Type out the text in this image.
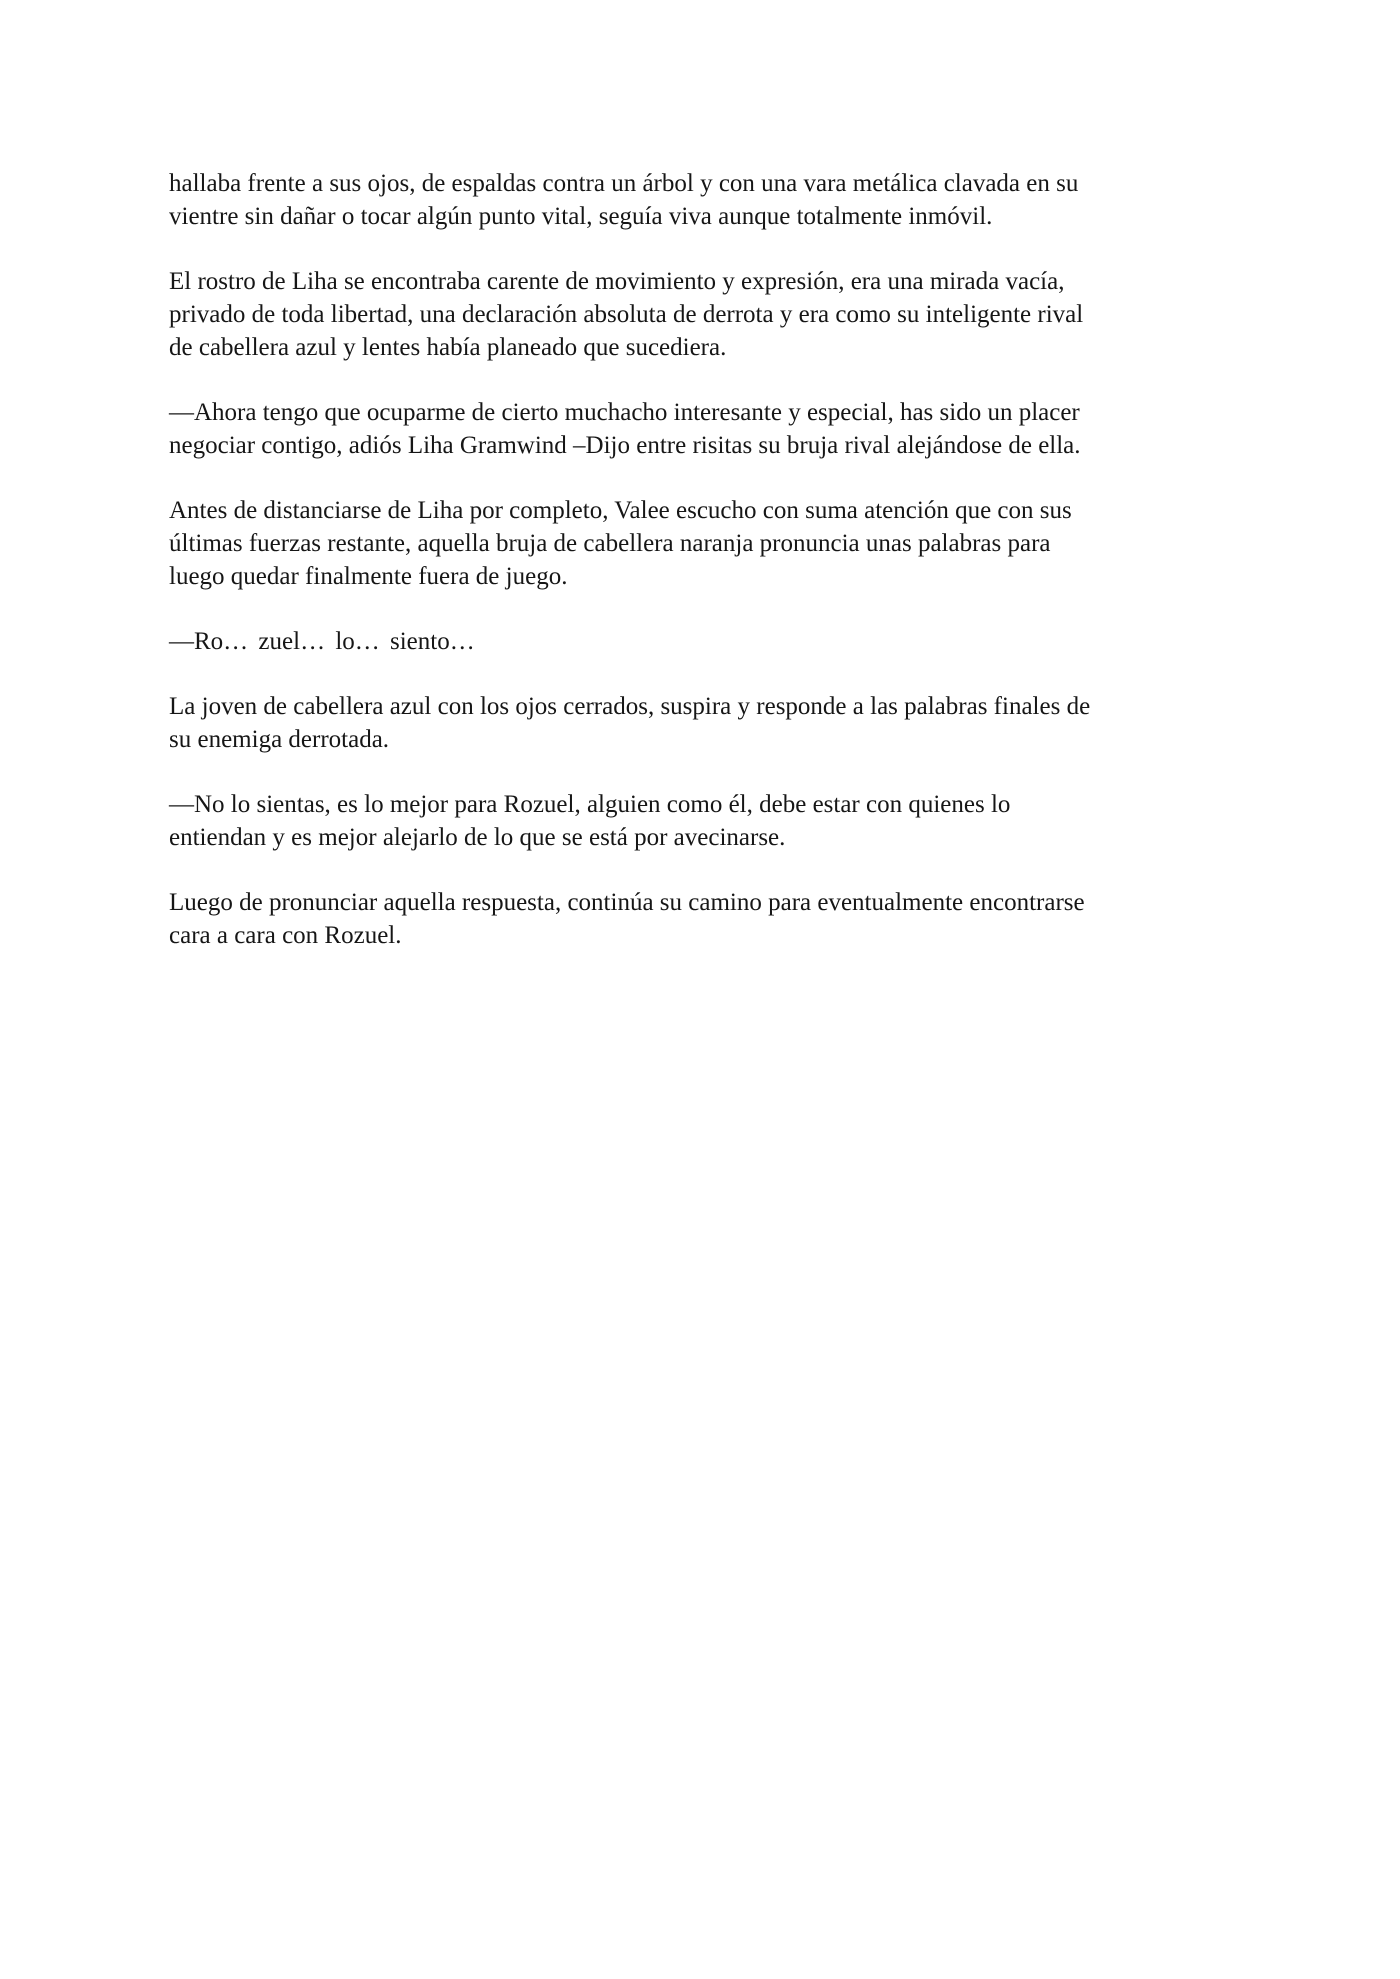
hallaba frente a sus ojos, de espaldas contra un árbol y con una vara metálica clavada en su
vientre sin dañar o tocar algún punto vital, seguía viva aunque totalmente inmóvil.

El rostro de Liha se encontraba carente de movimiento y expresión, era una mirada vacía,
privado de toda libertad, una declaración absoluta de derrota y era como su inteligente rival
de cabellera azul y lentes había planeado que sucediera.

—Ahora tengo que ocuparme de cierto muchacho interesante y especial, has sido un placer
negociar contigo, adiós Liha Gramwind –Dijo entre risitas su bruja rival alejándose de ella.

Antes de distanciarse de Liha por completo, Valee escucho con suma atención que con sus
últimas fuerzas restante, aquella bruja de cabellera naranja pronuncia unas palabras para
luego quedar finalmente fuera de juego.

—Ro… zuel… lo… siento…

La joven de cabellera azul con los ojos cerrados, suspira y responde a las palabras finales de
su enemiga derrotada.

—No lo sientas, es lo mejor para Rozuel, alguien como él, debe estar con quienes lo
entiendan y es mejor alejarlo de lo que se está por avecinarse.

Luego de pronunciar aquella respuesta, continúa su camino para eventualmente encontrarse
cara a cara con Rozuel.
